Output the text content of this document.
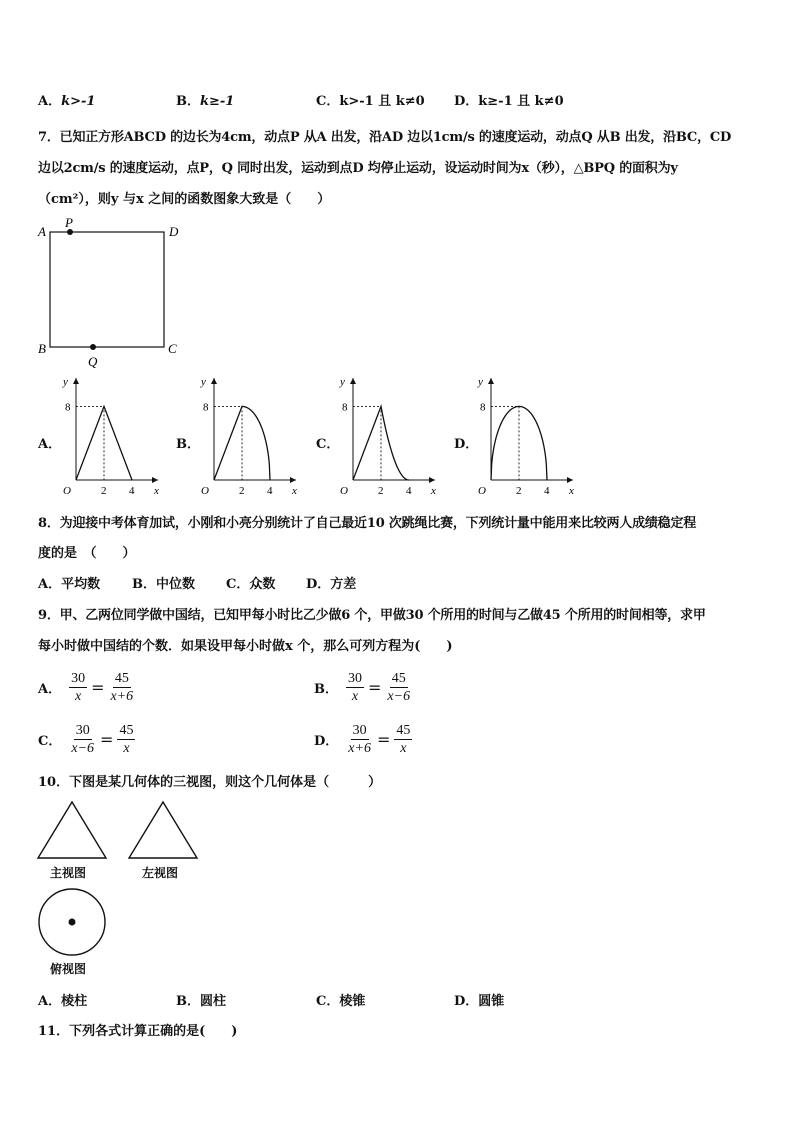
A．k>-1	B．k≥-1	C．k>-1 且 k≠0 D．k≥-1 且 k≠0
7．已知正方形ABCD 的边长为4cm，动点P 从A 出发，沿AD 边以1cm/s 的速度运动，动点Q 从B 出发，沿BC，CD
边以2cm/s 的速度运动，点P，Q 同时出发，运动到点D 均停止运动，设运动时间为x（秒），△BPQ 的面积为y
（cm²），则y 与x 之间的函数图象大致是（　　）
A
P
D
B	C
Q
A．	B．	C．	D．
y
x
O
8
2 4
y
x
O
8
2 4
y
x
O
8
2 4
y
x
O
8
2 4
8．为迎接中考体育加试，小刚和小亮分别统计了自己最近10 次跳绳比赛，下列统计量中能用来比较两人成绩稳定程
度的是　（　　）
A．平均数 B．中位数 C．众数 D．方差
9．甲、乙两位同学做中国结，已知甲每小时比乙少做6 个，甲做30 个所用的时间与乙做45 个所用的时间相等，求甲
每小时做中国结的个数．如果设甲每小时做x 个，那么可列方程为(　　)
A． $\frac{30}{x} = \frac{45}{x+6}$	B． $\frac{30}{x} = \frac{45}{x-6}$
C． $\frac{30}{x-6} = \frac{45}{x}$	D． $\frac{30}{x+6} = \frac{45}{x}$
10．下图是某几何体的三视图，则这个几何体是（　　　）
主视图	左视图
俯视图
A．棱柱	B．圆柱	C．棱锥	D．圆锥
11．下列各式计算正确的是(　　)
